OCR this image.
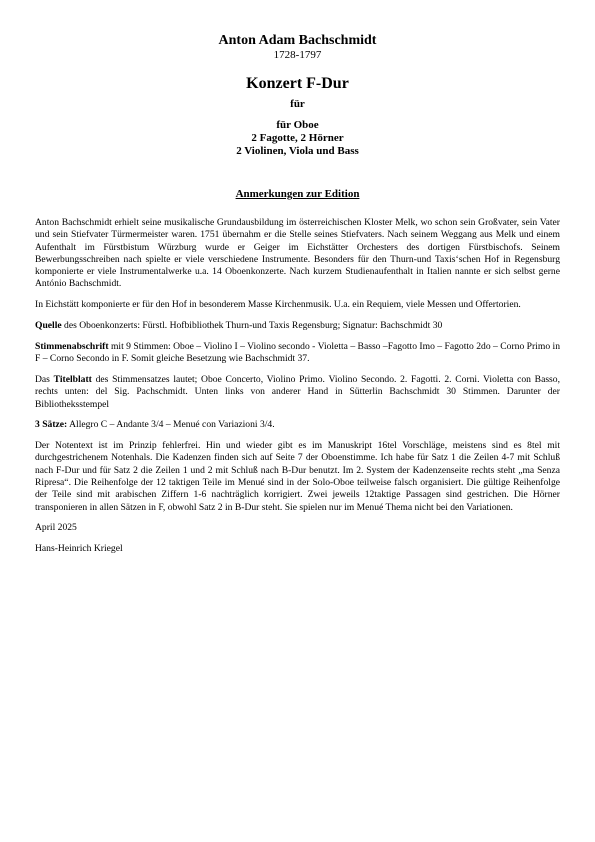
Anton Adam Bachschmidt
1728-1797
Konzert F-Dur
für
für Oboe
2 Fagotte, 2 Hörner
2 Violinen, Viola und Bass
Anmerkungen zur Edition

Anton Bachschmidt erhielt seine musikalische Grundausbildung im österreichischen Kloster Melk, wo schon sein Großvater, sein Vater und sein Stiefvater Türmermeister waren. 1751 übernahm er die Stelle seines Stiefvaters. Nach seinem Weggang aus Melk und einem Aufenthalt im Fürstbistum Würzburg wurde er Geiger im Eichstätter Orchesters des dortigen Fürstbischofs. Seinem Bewerbungsschreiben nach spielte er viele verschiedene Instrumente. Besonders für den Thurn-und Taxis‘schen Hof in Regensburg komponierte er viele Instrumentalwerke u.a. 14 Oboenkonzerte. Nach kurzem Studienaufenthalt in Italien nannte er sich selbst gerne António Bachschmidt.

In Eichstätt komponierte er für den Hof in besonderem Masse Kirchenmusik. U.a. ein Requiem, viele Messen und Offertorien.

Quelle des Oboenkonzerts: Fürstl. Hofbibliothek Thurn-und Taxis Regensburg; Signatur: Bachschmidt 30

Stimmenabschrift mit 9 Stimmen: Oboe – Violino I – Violino secondo - Violetta – Basso –Fagotto Imo – Fagotto 2do – Corno Primo in F – Corno Secondo in F. Somit gleiche Besetzung wie Bachschmidt 37.

Das Titelblatt des Stimmensatzes lautet; Oboe Concerto, Violino Primo. Violino Secondo. 2. Fagotti. 2. Corni. Violetta con Basso, rechts unten: del Sig. Pachschmidt. Unten links von anderer Hand in Sütterlin Bachschmidt 30 Stimmen. Darunter der Bibliotheksstempel

3 Sätze: Allegro C – Andante 3/4 – Menué con Variazioni 3/4.

Der Notentext ist im Prinzip fehlerfrei. Hin und wieder gibt es im Manuskript 16tel Vorschläge, meistens sind es 8tel mit durchgestrichenem Notenhals. Die Kadenzen finden sich auf Seite 7 der Oboenstimme. Ich habe für Satz 1 die Zeilen 4-7 mit Schluß nach F-Dur und für Satz 2 die Zeilen 1 und 2 mit Schluß nach B-Dur benutzt. Im 2. System der Kadenzenseite rechts steht „ma Senza Ripresa“. Die Reihenfolge der 12 taktigen Teile im Menué sind in der Solo-Oboe teilweise falsch organisiert. Die gültige Reihenfolge der Teile sind mit arabischen Ziffern 1-6 nachträglich korrigiert. Zwei jeweils 12taktige Passagen sind gestrichen. Die Hörner transponieren in allen Sätzen in F, obwohl Satz 2 in B-Dur steht. Sie spielen nur im Menué Thema nicht bei den Variationen.

April 2025

Hans-Heinrich Kriegel
